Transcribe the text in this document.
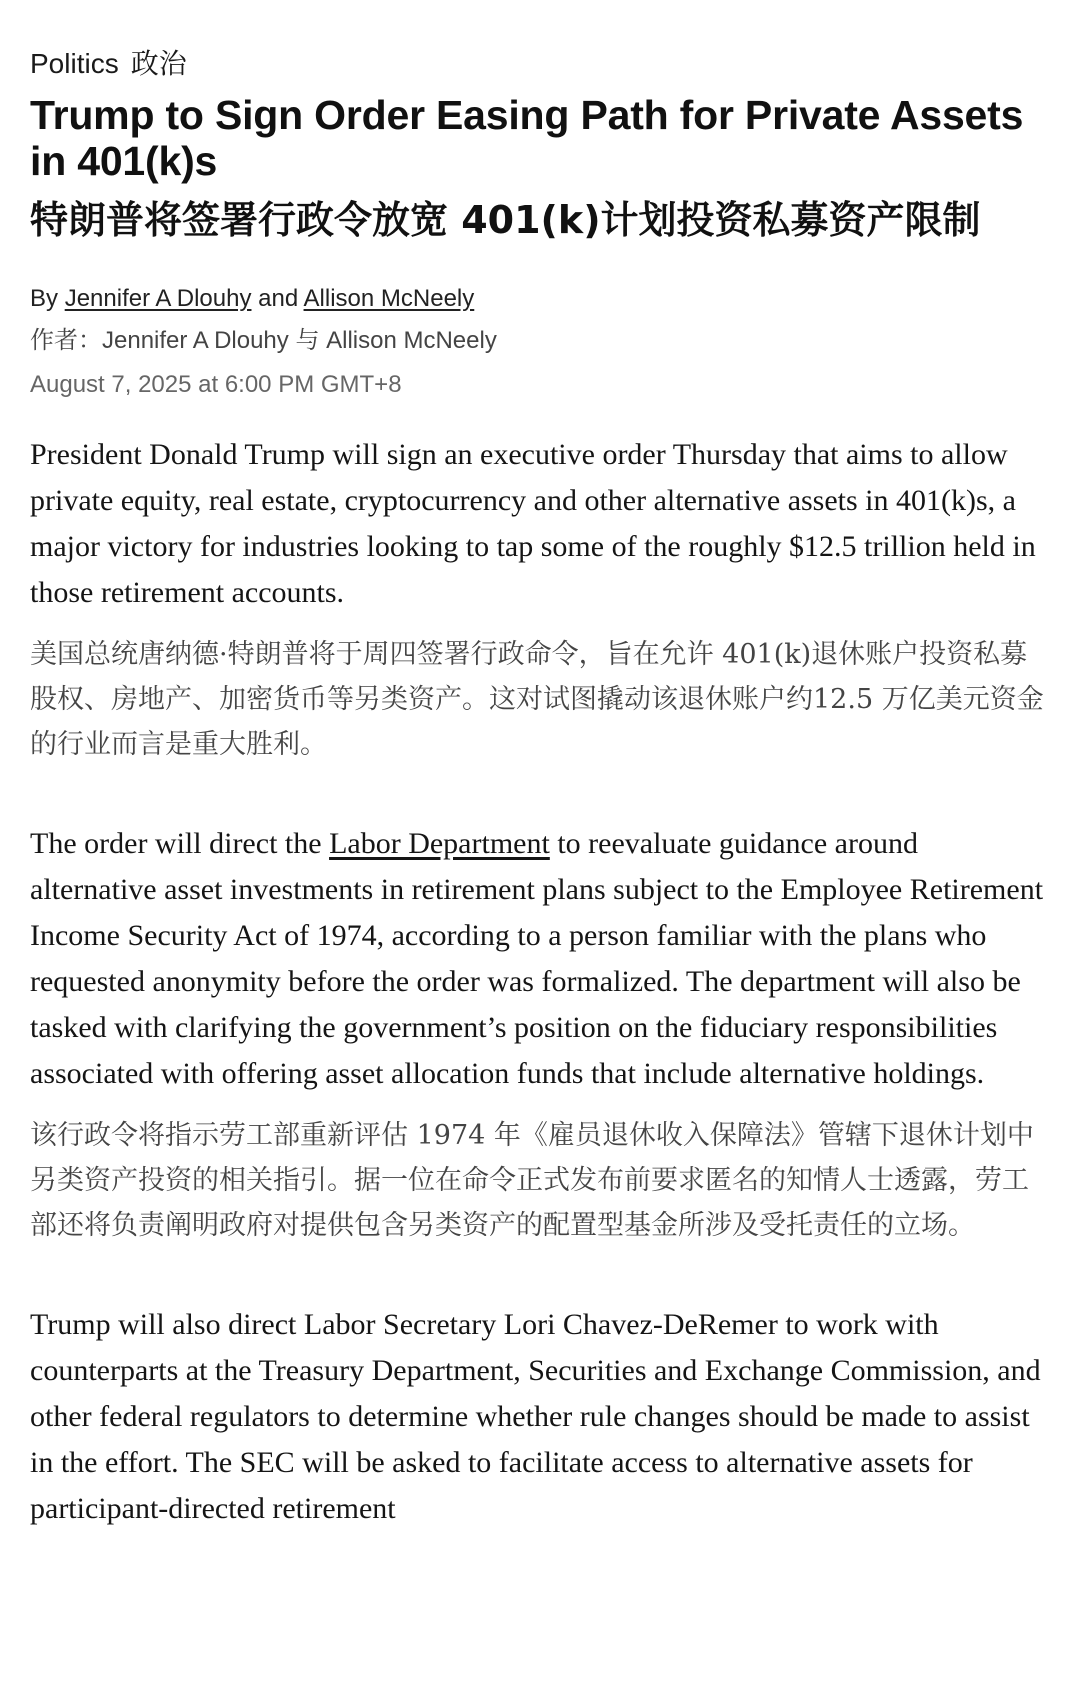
Politics 政治
Trump to Sign Order Easing Path for Private Assets in 401(k)s
特朗普将签署行政令放宽 401(k)计划投资私募资产限制
By Jennifer A Dlouhy and Allison McNeely
作者：Jennifer A Dlouhy 与 Allison McNeely
August 7, 2025 at 6:00 PM GMT+8

President Donald Trump will sign an executive order Thursday that aims to allow private equity, real estate, cryptocurrency and other alternative assets in 401(k)s, a major victory for industries looking to tap some of the roughly $12.5 trillion held in those retirement accounts.

美国总统唐纳德·特朗普将于周四签署行政命令，旨在允许 401(k)退休账户投资私募股权、房地产、加密货币等另类资产。这对试图撬动该退休账户约12.5 万亿美元资金的行业而言是重大胜利。

The order will direct the Labor Department to reevaluate guidance around alternative asset investments in retirement plans subject to the Employee Retirement Income Security Act of 1974, according to a person familiar with the plans who requested anonymity before the order was formalized. The department will also be tasked with clarifying the government’s position on the fiduciary responsibilities associated with offering asset allocation funds that include alternative holdings.

该行政令将指示劳工部重新评估 1974 年《雇员退休收入保障法》管辖下退休计划中另类资产投资的相关指引。据一位在命令正式发布前要求匿名的知情人士透露，劳工部还将负责阐明政府对提供包含另类资产的配置型基金所涉及受托责任的立场。

Trump will also direct Labor Secretary Lori Chavez-DeRemer to work with counterparts at the Treasury Department, Securities and Exchange Commission, and other federal regulators to determine whether rule changes should be made to assist in the effort. The SEC will be asked to facilitate access to alternative assets for participant-directed retirement
